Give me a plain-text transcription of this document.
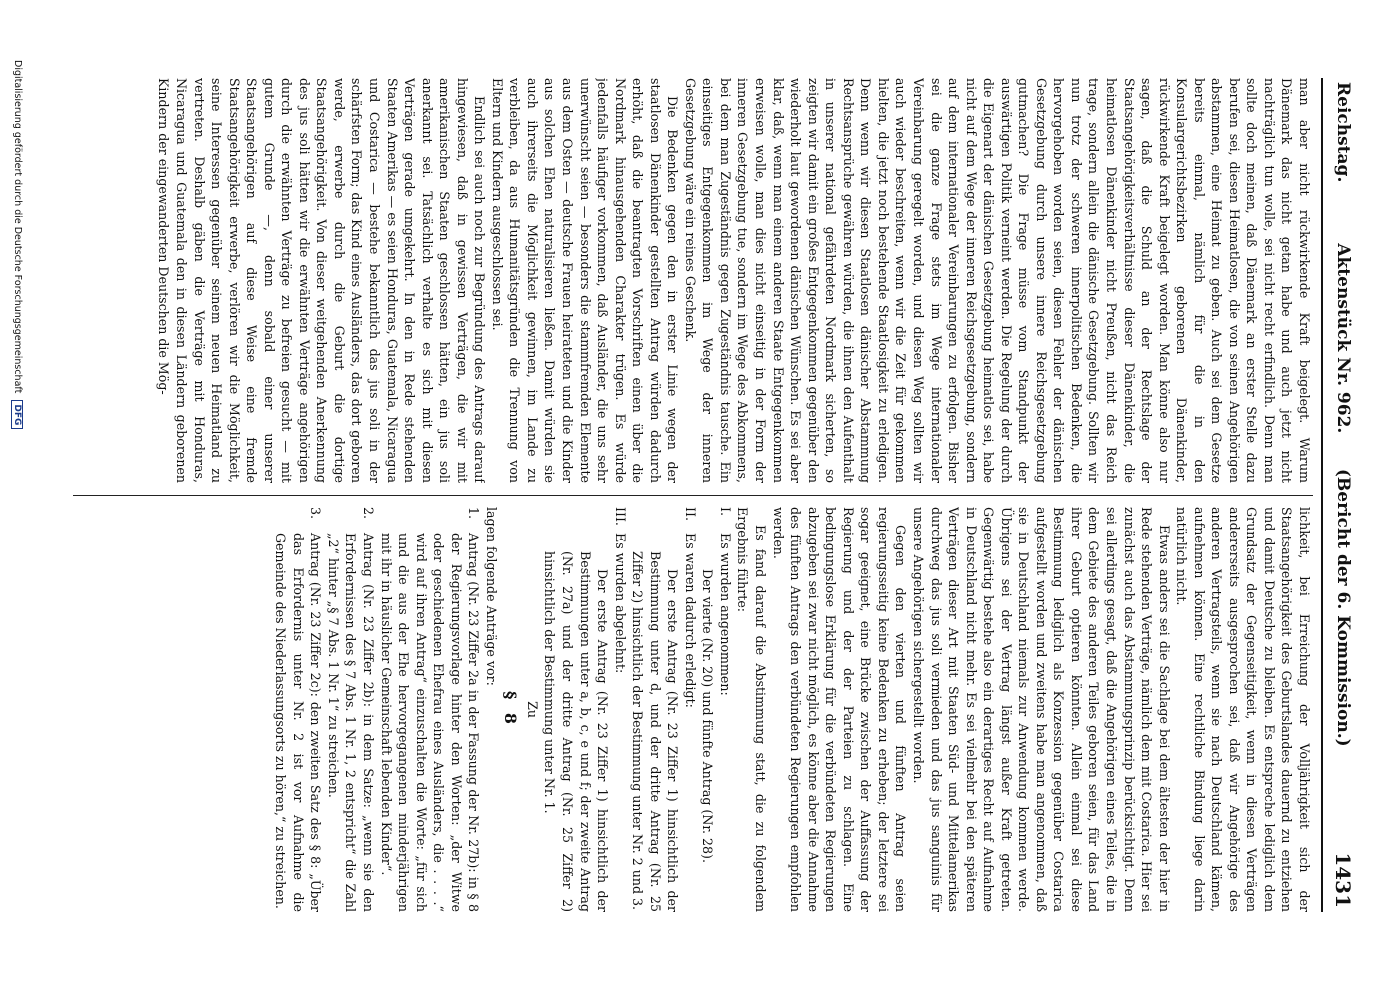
Reichstag.
Aktenstück Nr. 962.      (Bericht der 6. Kommission.)
1431

man aber nicht rückwirkende Kraft beigelegt. Warum Dänemark das nicht getan habe und auch jetzt nicht nachträglich tun wolle, sei nicht recht erfindlich. Denn man sollte doch meinen, daß Dänemark an erster Stelle dazu berufen sei, diesen Heimatlosen, die von seinen Angehörigen abstammen, eine Heimat zu geben. Auch sei dem Gesetze bereits einmal, nämlich für die in den Konsulargerichtsbezirken geborenen Dänenkinder, rückwirkende Kraft beigelegt worden. Man könne also nur sagen, daß die Schuld an der Rechtslage der Staatsangehörigkeitsverhältnisse dieser Dänenkinder, die heimatlosen Dänenkinder nicht Preußen, nicht das Reich trage, sondern allein die dänische Gesetzgebung. Sollten wir nun trotz der schweren innerpolitischen Bedenken, die hervorgehoben worden seien, diesen Fehler der dänischen Gesetzgebung durch unsere innere Reichsgesetzgebung gutmachen? Die Frage müsse vom Standpunkt der auswärtigen Politik verneint werden. Die Regelung der durch die Eigenart der dänischen Gesetzgebung heimatlos sei, habe nicht auf dem Wege der inneren Reichsgesetzgebung, sondern auf dem internationaler Vereinbarungen zu erfolgen. Bisher sei die ganze Frage stets im Wege internationaler Vereinbarung geregelt worden, und diesen Weg sollten wir auch wieder beschreiten, wenn wir die Zeit für gekommen hielten, die jetzt noch bestehende Staatlosigkeit zu erledigen. Denn wenn wir diesen Staatlosen dänischer Abstammung Rechtsansprüche gewähren würden, die ihnen den Aufenthalt in unserer national gefährdeten Nordmark sicherten, so zeigten wir damit ein großes Entgegenkommen gegenüber den wiederholt laut gewordenen dänischen Wünschen. Es sei aber klar, daß, wenn man einem anderen Staate Entgegenkommen erweisen wolle, man dies nicht einseitig in der Form der inneren Gesetzgebung tue, sondern im Wege des Abkommens, bei dem man Zugeständnis gegen Zugeständnis tausche. Ein einseitiges Entgegenkommen im Wege der inneren Gesetzgebung wäre ein reines Geschenk.

Die Bedenken gegen den in erster Linie wegen der staatlosen Dänenkinder gestellten Antrag würden dadurch erhöht, daß die beantragten Vorschriften einen über die Nordmark hinausgehenden Charakter trügen. Es würde jedenfalls häufiger vorkommen, daß Ausländer, die uns sehr unerwünscht seien — besonders die stammfremden Elemente aus dem Osten — deutsche Frauen heirateten und die Kinder aus solchen Ehen naturalisieren ließen. Damit würden sie auch ihrerseits die Möglichkeit gewinnen, im Lande zu verbleiben, da aus Humanitätsgründen die Trennung von Eltern und Kindern ausgeschlossen sei.

Endlich sei auch noch zur Begründung des Antrags darauf hingewiesen, daß in gewissen Verträgen, die wir mit amerikanischen Staaten geschlossen hätten, ein jus soli anerkannt sei. Tatsächlich verhalte es sich mit diesen Verträgen gerade umgekehrt. In den in Rede stehenden Staaten Amerikas — es seien Honduras, Guatemala, Nicaragua und Costarica — bestehe bekanntlich das jus soli in der schärfsten Form; das Kind eines Ausländers, das dort geboren werde, erwerbe durch die Geburt die dortige Staatsangehörigkeit. Von dieser weitgehenden Anerkennung des jus soli hätten wir die erwähnten Verträge angehörigen durch die erwähnten Verträge zu befreien gesucht — mit gutem Grunde —, denn sobald einer unserer Staatsangehörigen auf diese Weise eine fremde Staatsangehörigkeit erwerbe, verlören wir die Möglichkeit, seine Interessen gegenüber seinem neuen Heimatland zu vertreten. Deshalb gäben die Verträge mit Honduras, Nicaragua und Guatemala den in diesen Ländern geborenen Kindern der eingewanderten Deutschen die Mög-

lichkeit, bei Erreichung der Volljährigkeit sich der Staatsangehörigkeit des Geburtslandes dauernd zu entziehen und damit Deutsche zu bleiben. Es entspreche lediglich dem Grundsatz der Gegenseitigkeit, wenn in diesen Verträgen andererseits ausgesprochen sei, daß wir Angehörige des anderen Vertragsteils, wenn sie nach Deutschland kämen, aufnehmen können. Eine rechtliche Bindung liege darin natürlich nicht.

Etwas anders sei die Sachlage bei dem ältesten der hier in Rede stehenden Verträge, nämlich dem mit Costarica. Hier sei zunächst auch das Abstammungsprinzip berücksichtigt. Denn sei allerdings gesagt, daß die Angehörigen eines Teiles, die in dem Gebiete des anderen Teiles geboren seien, für das Land ihrer Geburt optieren könnten. Allein einmal sei diese Bestimmung lediglich als Konzession gegenüber Costarica aufgestellt worden und zweitens habe man angenommen, daß sie in Deutschland niemals zur Anwendung kommen werde. Übrigens sei der Vertrag längst außer Kraft getreten. Gegenwärtig bestehe also ein derartiges Recht auf Aufnahme in Deutschland nicht mehr. Es sei vielmehr bei den späteren Verträgen dieser Art mit Staaten Süd- und Mittelamerikas durchweg das jus soli vermieden und das jus sanguinis für unsere Angehörigen sichergestellt worden.

Gegen den vierten und fünften Antrag seien regierungsseitig keine Bedenken zu erheben; der letztere sei sogar geeignet, eine Brücke zwischen der Auffassung der Regierung und der der Parteien zu schlagen. Eine bedingungslose Erklärung für die verbündeten Regierungen abzugeben sei zwar nicht möglich, es könne aber die Annahme des fünften Antrags den verbündeten Regierungen empfohlen werden.

Es fand darauf die Abstimmung statt, die zu folgendem Ergebnis führte:

I.
Es wurden angenommen:

Der vierte (Nr. 20) und fünfte Antrag (Nr. 28).

II.
Es waren dadurch erledigt:

Der erste Antrag (Nr. 23 Ziffer 1) hinsichtlich der Bestimmung unter d, und der dritte Antrag (Nr. 25 Ziffer 2) hinsichtlich der Bestimmung unter Nr. 2 und 3.

III.
Es wurden abgelehnt:

Der erste Antrag (Nr. 23 Ziffer 1) hinsichtlich der Bestimmungen unter a, b, c, e und f; der zweite Antrag (Nr. 27a) und der dritte Antrag (Nr. 25 Ziffer 2) hinsichtlich der Bestimmung unter Nr. 1.

Zu

§ 8

lagen folgende Anträge vor:

1.
Antrag (Nr. 23 Ziffer 2a in der Fassung der Nr. 27b): in § 8 der Regierungsvorlage hinter den Worten: „der Witwe oder geschiedenen Ehefrau eines Ausländers, die . . . .“ wird auf ihren Antrag“ einzuschalten die Worte: „für sich und die aus der Ehe hervorgegangenen minderjährigen mit ihr in häuslicher Gemeinschaft lebenden Kinder“.
2.
Antrag (Nr. 23 Ziffer 2b): in dem Satze: „wenn sie den Erfordernissen des § 7 Abs. 1 Nr. 1, 2 entspricht“ die Zahl „2“ hinter „§ 7 Abs. 1 Nr. 1“ zu streichen.
3.
Antrag (Nr. 23 Ziffer 2c): den zweiten Satz des § 8: „Über das Erfordernis unter Nr. 2 ist vor Aufnahme die Gemeinde des Niederlassungsorts zu hören,“ zu streichen.
Digitalisierung gefördert durch die Deutsche Forschungsgemeinschaft DFG
